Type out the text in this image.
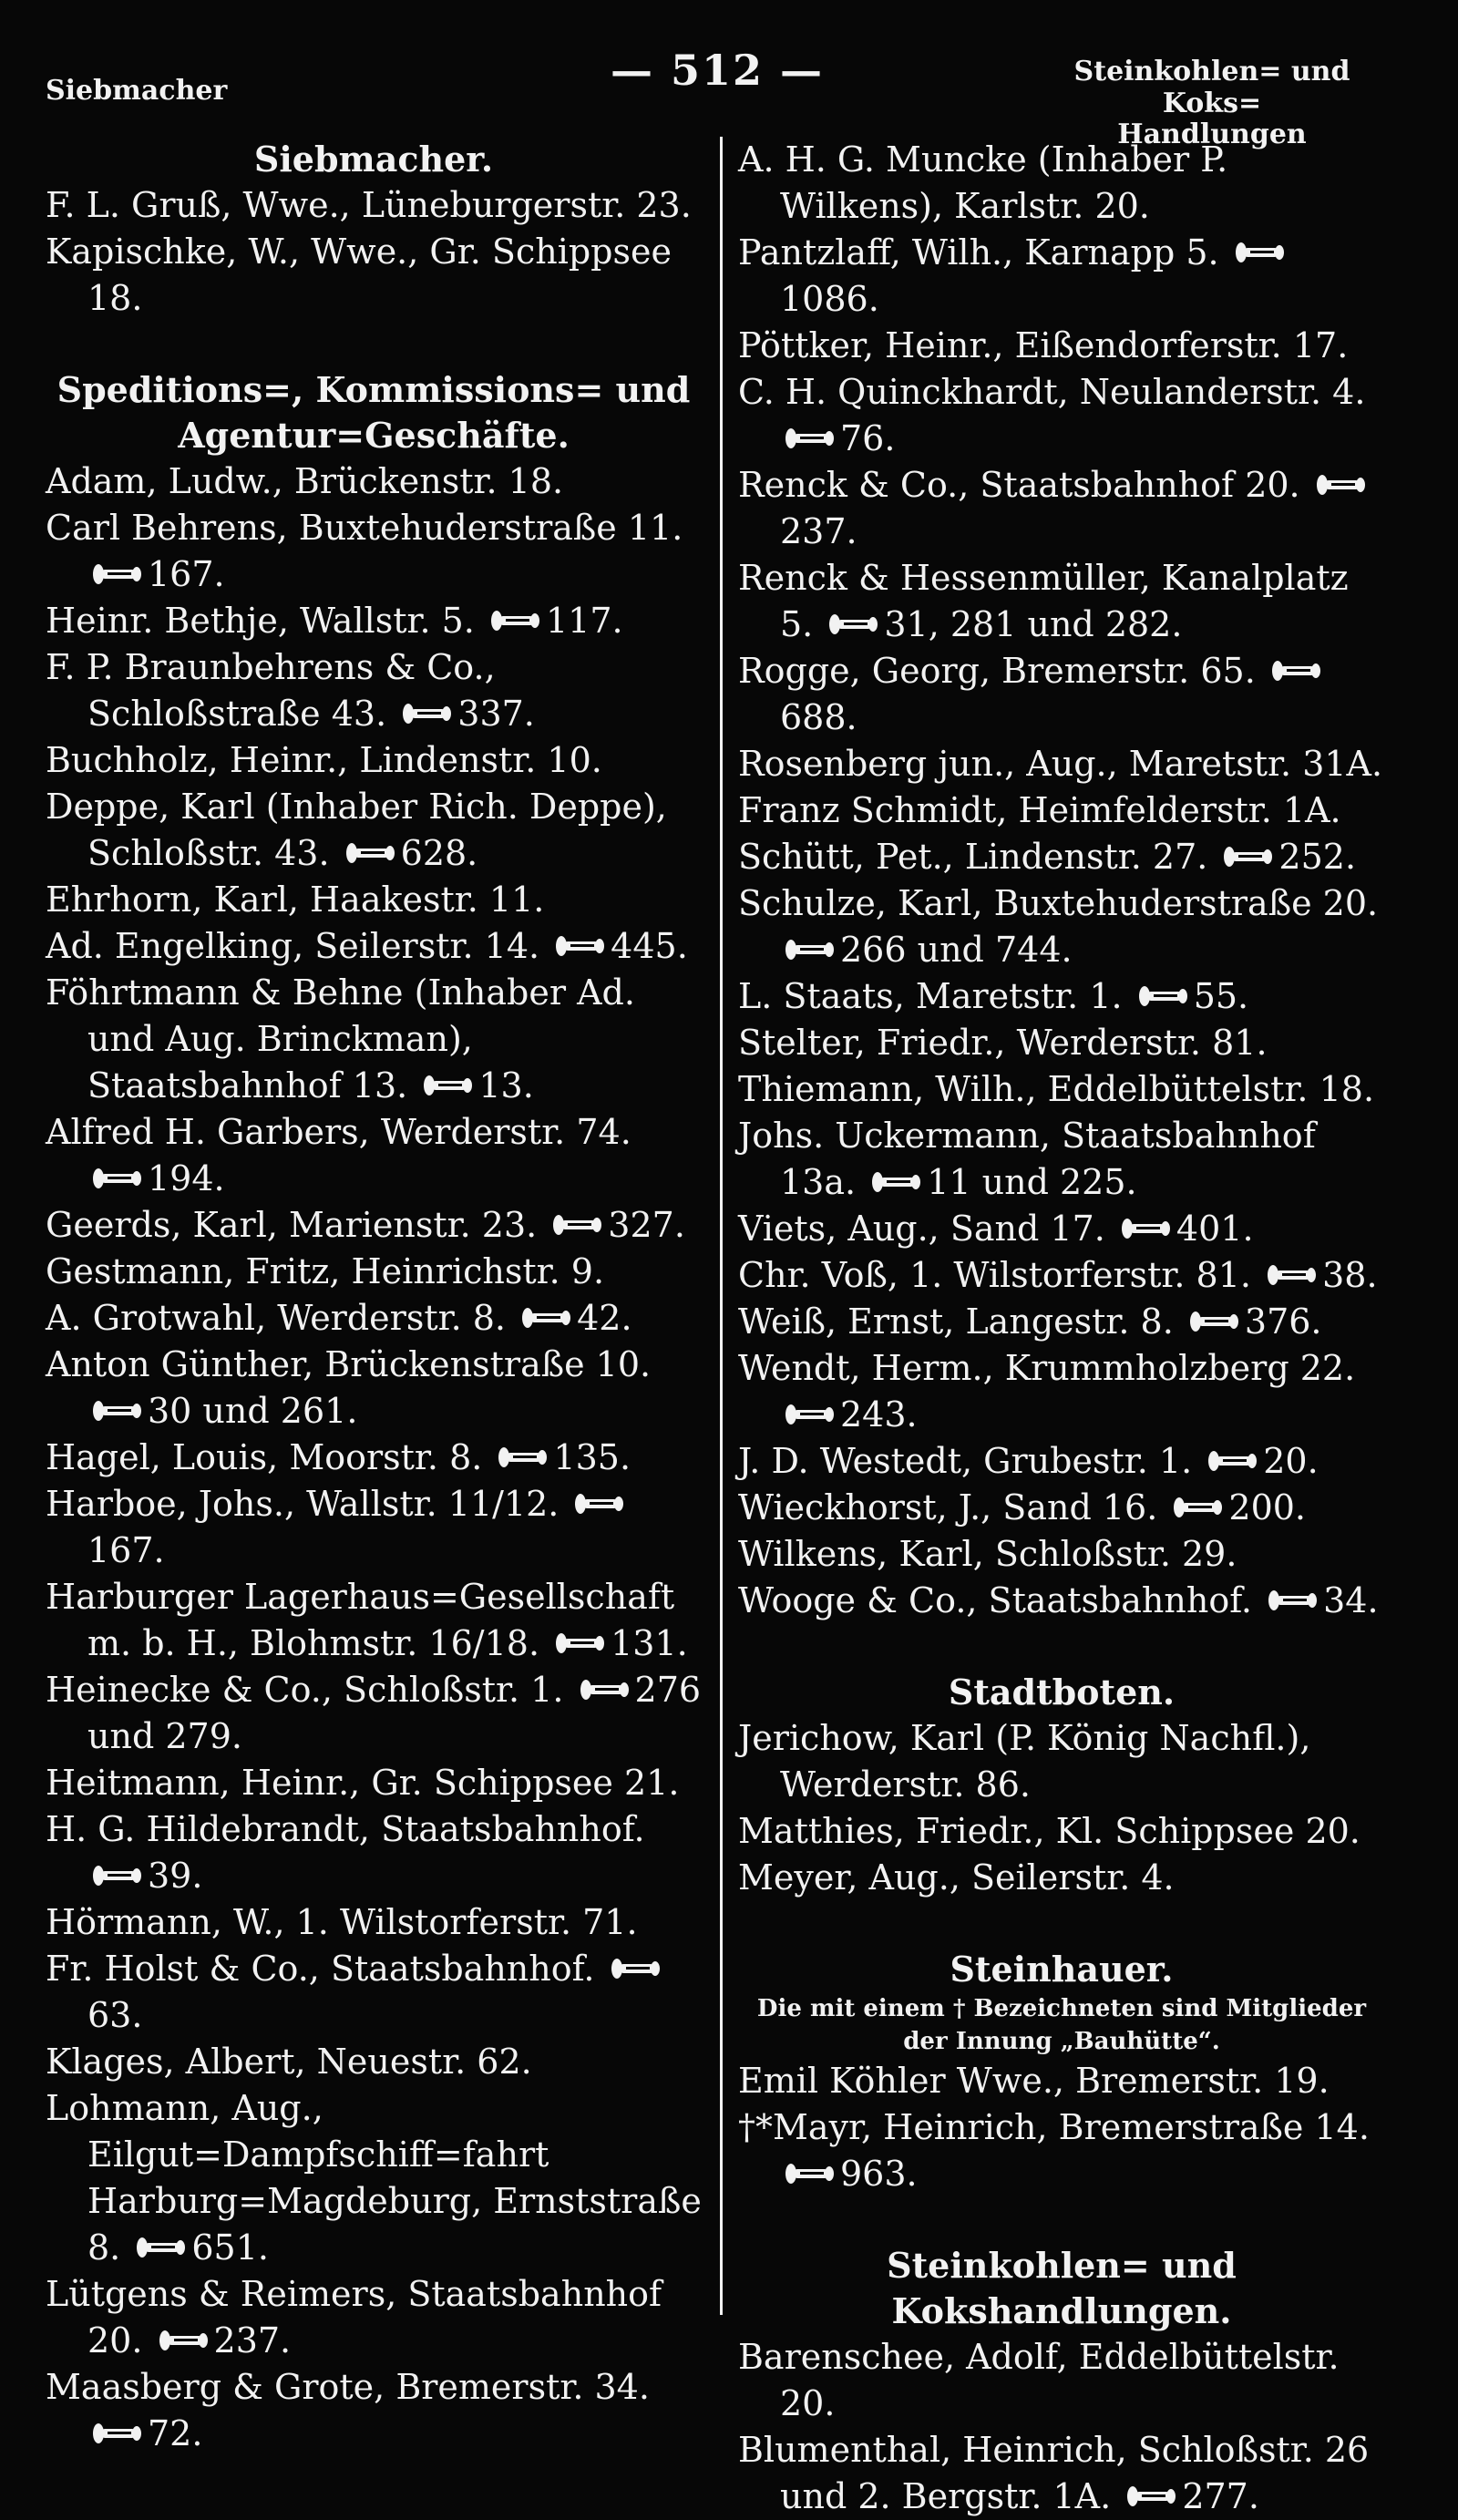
Siebmacher	— 512 —	Steinkohlen= und Koks=
Handlungen
Siebmacher.

F. L. Gruß, Wwe., Lüneburgerstr. 23.

Kapischke, W., Wwe., Gr. Schippsee 18.

Speditions=, Kommissions= und Agentur=Geschäfte.

Adam, Ludw., Brückenstr. 18.

Carl Behrens, Buxtehuderstraße 11.
167.

Heinr. Bethje, Wallstr. 5. 117.

F. P. Braunbehrens & Co., Schloßstraße 43. 337.

Buchholz, Heinr., Lindenstr. 10.

Deppe, Karl (Inhaber Rich. Deppe), Schloßstr. 43. 628.

Ehrhorn, Karl, Haakestr. 11.

Ad. Engelking, Seilerstr. 14. 445.

Föhrtmann & Behne (Inhaber Ad. und Aug. Brinckman), Staatsbahnhof 13. 13.

Alfred H. Garbers, Werderstr. 74.
194.

Geerds, Karl, Marienstr. 23. 327.

Gestmann, Fritz, Heinrichstr. 9.

A. Grotwahl, Werderstr. 8. 42.

Anton Günther, Brückenstraße 10.
30 und 261.

Hagel, Louis, Moorstr. 8. 135.

Harboe, Johs., Wallstr. 11/12.
167.

Harburger Lagerhaus=Gesellschaft m. b. H., Blohmstr. 16/18. 131.

Heinecke & Co., Schloßstr. 1. 276 und 279.

Heitmann, Heinr., Gr. Schippsee 21.

H. G. Hildebrandt, Staatsbahnhof.
39.

Hörmann, W., 1. Wilstorferstr. 71.

Fr. Holst & Co., Staatsbahnhof.
63.

Klages, Albert, Neuestr. 62.

Lohmann, Aug., Eilgut=Dampfschiff=fahrt Harburg=Magdeburg, Ernststraße 8. 651.

Lütgens & Reimers, Staatsbahnhof 20. 237.

Maasberg & Grote, Bremerstr. 34.
72.

A. H. G. Muncke (Inhaber P. Wilkens), Karlstr. 20.

Pantzlaff, Wilh., Karnapp 5.
1086.

Pöttker, Heinr., Eißendorferstr. 17.

C. H. Quinckhardt, Neulanderstr. 4.
76.

Renck & Co., Staatsbahnhof 20.
237.

Renck & Hessenmüller, Kanalplatz 5. 31, 281 und 282.

Rogge, Georg, Bremerstr. 65.
688.

Rosenberg jun., Aug., Maretstr. 31A.

Franz Schmidt, Heimfelderstr. 1A.

Schütt, Pet., Lindenstr. 27. 252.

Schulze, Karl, Buxtehuderstraße 20.
266 und 744.

L. Staats, Maretstr. 1. 55.

Stelter, Friedr., Werderstr. 81.

Thiemann, Wilh., Eddelbüttelstr. 18.

Johs. Uckermann, Staatsbahnhof 13a. 11 und 225.

Viets, Aug., Sand 17. 401.

Chr. Voß, 1. Wilstorferstr. 81. 38.

Weiß, Ernst, Langestr. 8. 376.

Wendt, Herm., Krummholzberg 22.
243.

J. D. Westedt, Grubestr. 1. 20.

Wieckhorst, J., Sand 16. 200.

Wilkens, Karl, Schloßstr. 29.

Wooge & Co., Staatsbahnhof. 34.

Stadtboten.

Jerichow, Karl (P. König Nachfl.), Werderstr. 86.

Matthies, Friedr., Kl. Schippsee 20.

Meyer, Aug., Seilerstr. 4.

Steinhauer.
Die mit einem † Bezeichneten sind Mitglieder der Innung „Bauhütte“.

Emil Köhler Wwe., Bremerstr. 19.

†*Mayr, Heinrich, Bremerstraße 14.
963.

Steinkohlen= und Kokshandlungen.

Barenschee, Adolf, Eddelbüttelstr. 20.

Blumenthal, Heinrich, Schloßstr. 26 und 2. Bergstr. 1A. 277.
